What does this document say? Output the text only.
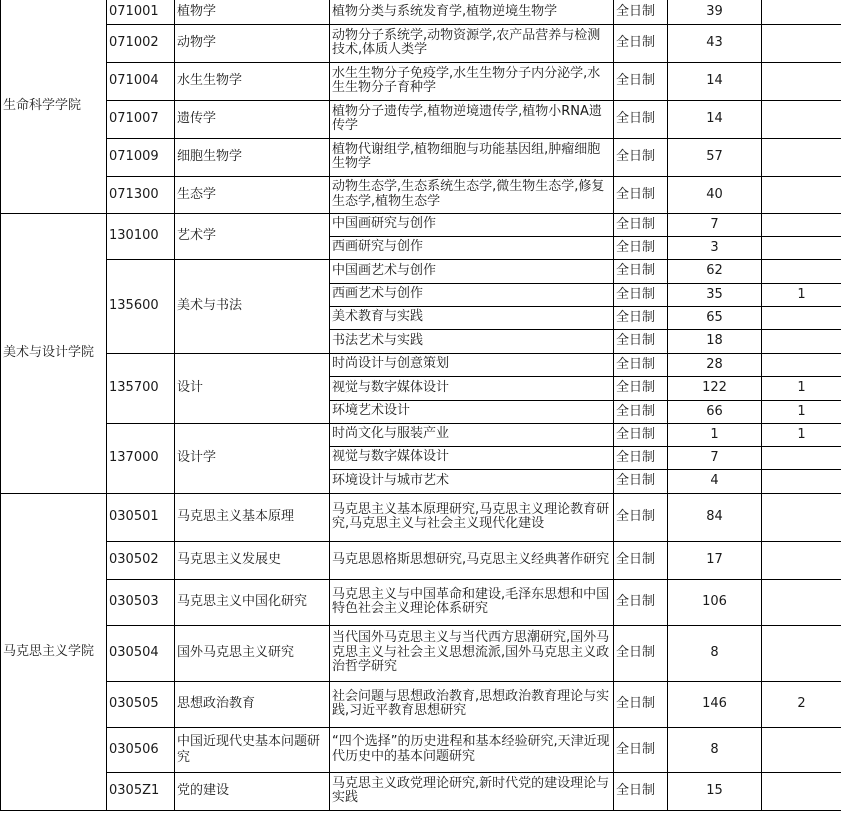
生命科学学院	071001	植物学	植物分类与系统发育学,植物逆境生物学	全日制	39	
	071002	动物学	动物分子系统学,动物资源学,农产品营养与检测技术,体质人类学	全日制	43	
	071004	水生生物学	水生生物分子免疫学,水生生物分子内分泌学,水生生物分子育种学	全日制	14	
	071007	遗传学	植物分子遗传学,植物逆境遗传学,植物小RNA遗传学	全日制	14	
	071009	细胞生物学	植物代谢组学,植物细胞与功能基因组,肿瘤细胞生物学	全日制	57	
	071300	生态学	动物生态学,生态系统生态学,微生物生态学,修复生态学,植物生态学	全日制	40	
美术与设计学院	130100	艺术学	中国画研究与创作	全日制	7	
			西画研究与创作	全日制	3	
	135600	美术与书法	中国画艺术与创作	全日制	62	
			西画艺术与创作	全日制	35	1
			美术教育与实践	全日制	65	
			书法艺术与实践	全日制	18	
	135700	设计	时尚设计与创意策划	全日制	28	
			视觉与数字媒体设计	全日制	122	1
			环境艺术设计	全日制	66	1
	137000	设计学	时尚文化与服装产业	全日制	1	1
			视觉与数字媒体设计	全日制	7	
			环境设计与城市艺术	全日制	4	
马克思主义学院	030501	马克思主义基本原理	马克思主义基本原理研究,马克思主义理论教育研究,马克思主义与社会主义现代化建设	全日制	84	
	030502	马克思主义发展史	马克思恩格斯思想研究,马克思主义经典著作研究	全日制	17	
	030503	马克思主义中国化研究	马克思主义与中国革命和建设,毛泽东思想和中国特色社会主义理论体系研究	全日制	106	
	030504	国外马克思主义研究	当代国外马克思主义与当代西方思潮研究,国外马克思主义与社会主义思想流派,国外马克思主义政治哲学研究	全日制	8	
	030505	思想政治教育	社会问题与思想政治教育,思想政治教育理论与实践,习近平教育思想研究	全日制	146	2
	030506	中国近现代史基本问题研究	“四个选择”的历史进程和基本经验研究,天津近现代历史中的基本问题研究	全日制	8	
	0305Z1	党的建设	马克思主义政党理论研究,新时代党的建设理论与实践	全日制	15	
